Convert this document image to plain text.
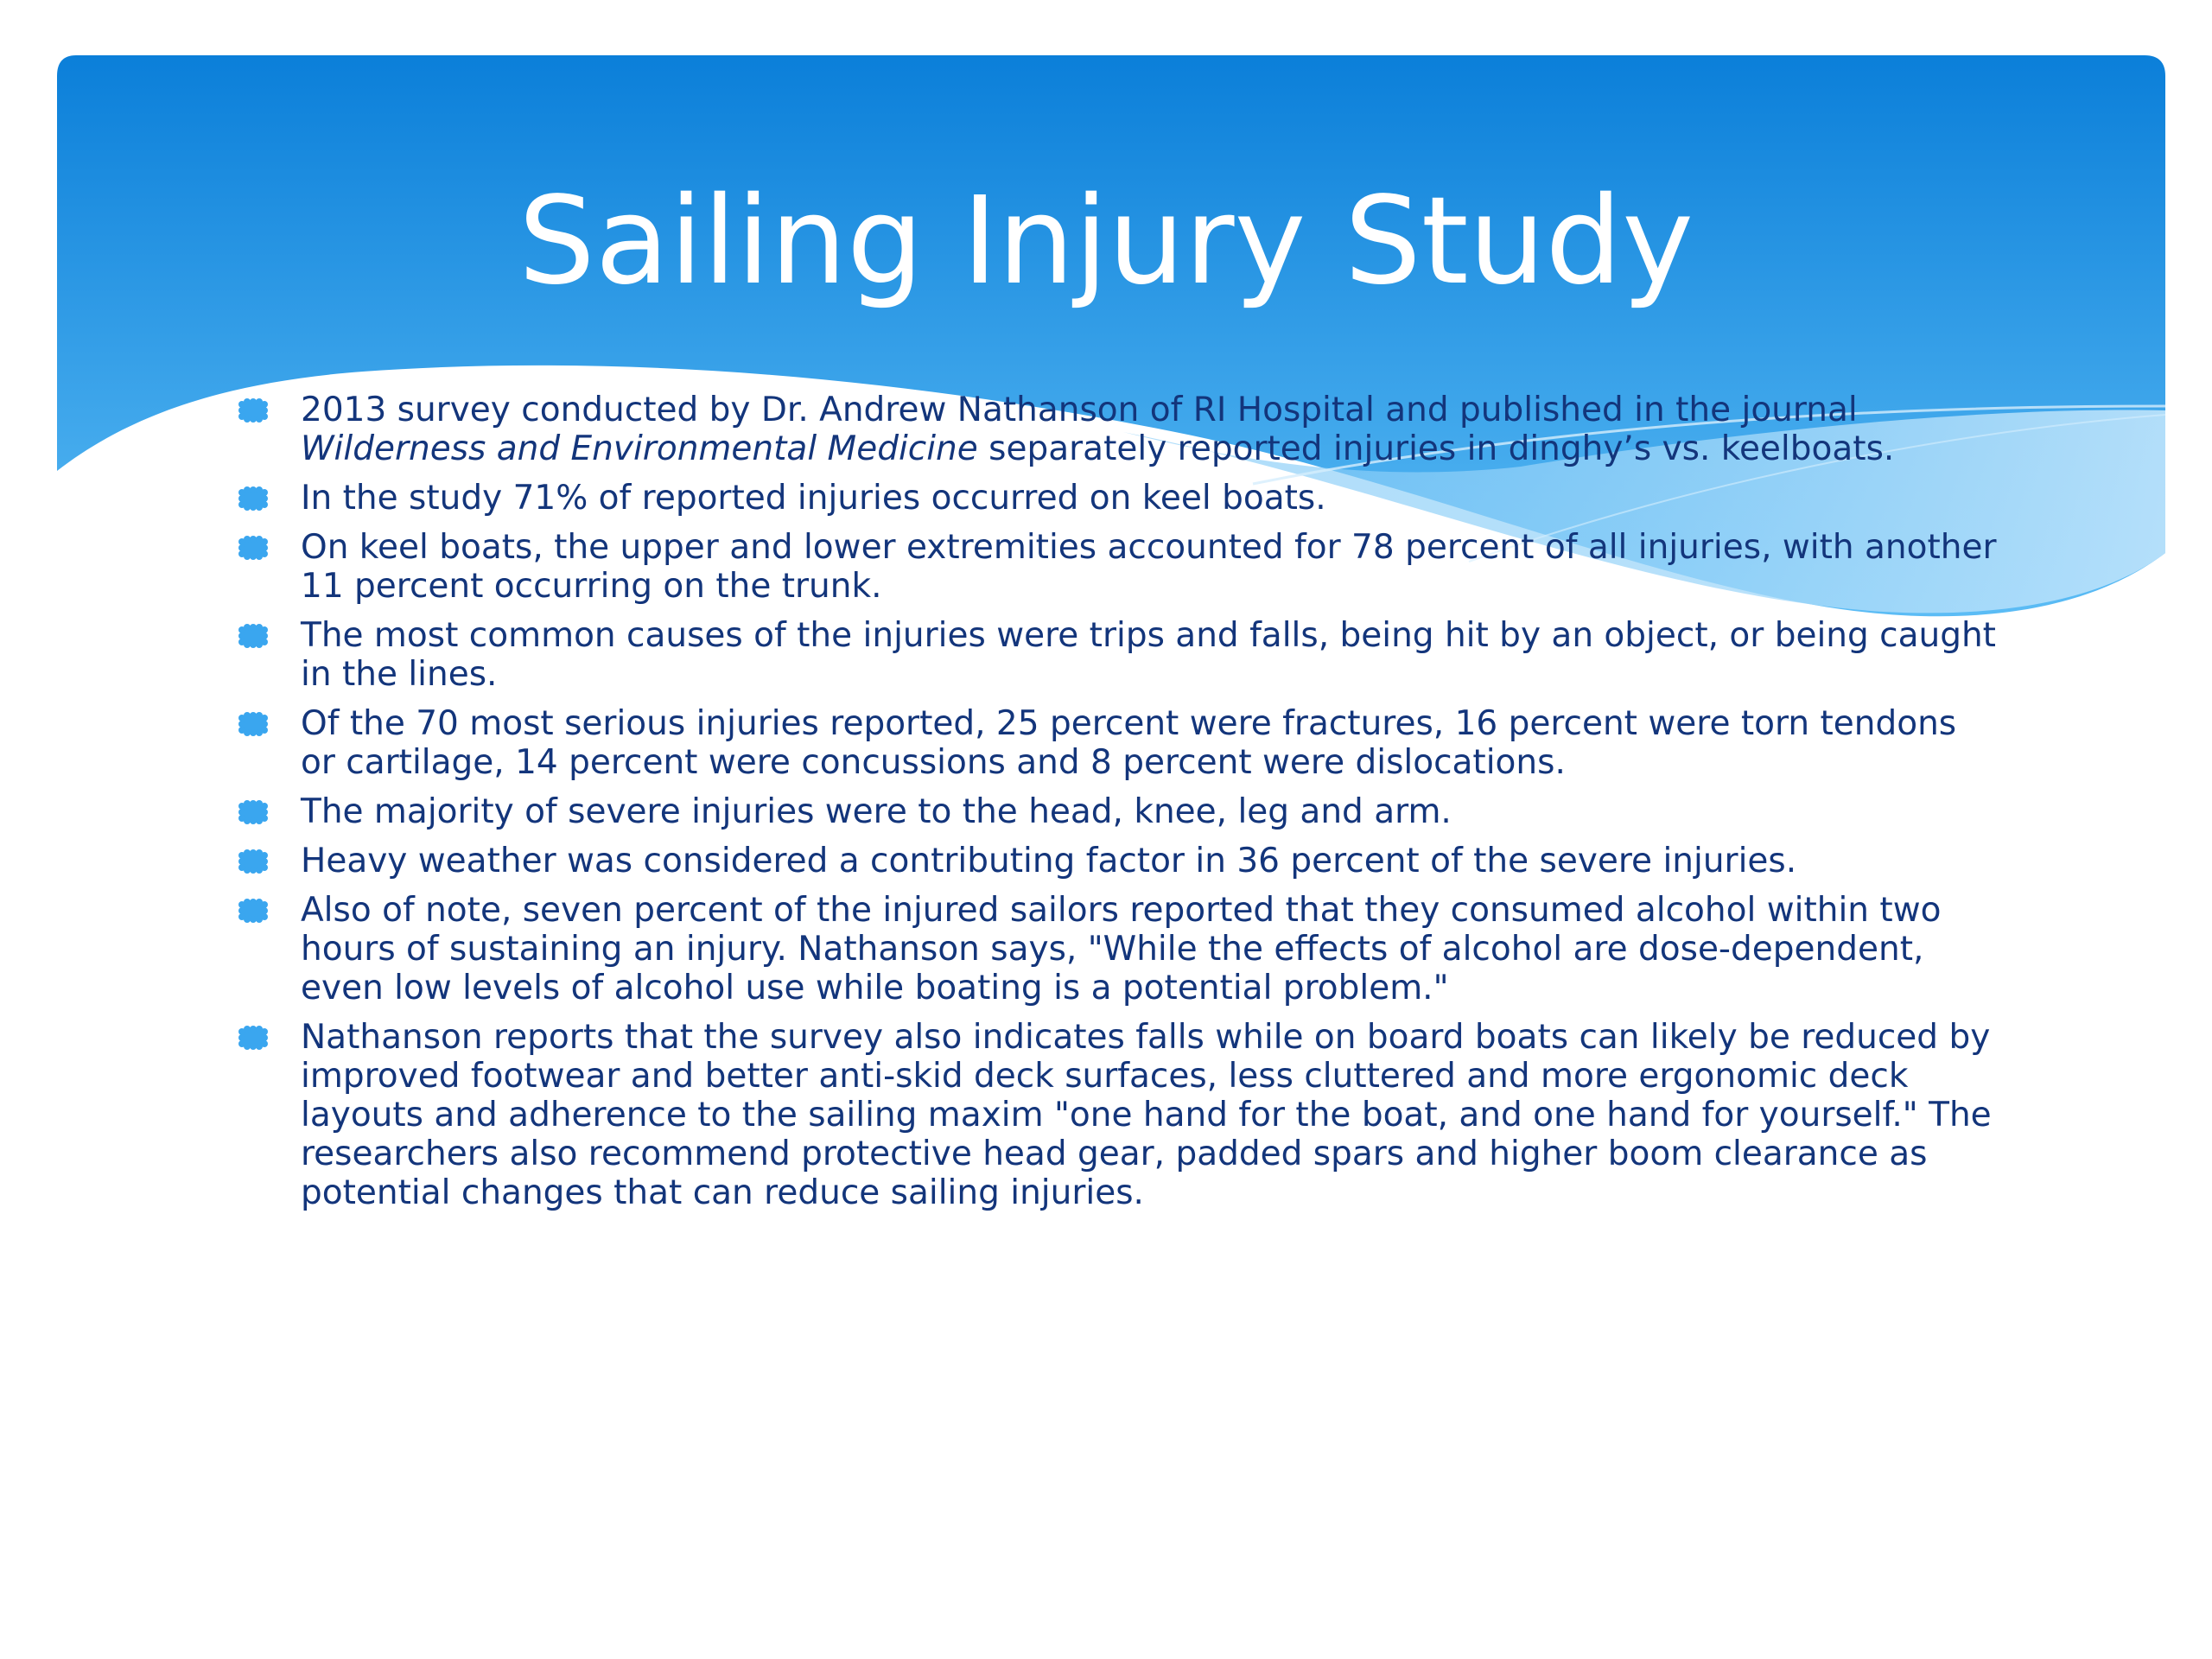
Sailing Injury Study
2013 survey conducted by Dr. Andrew Nathanson of RI Hospital and published in the journal Wilderness and Environmental Medicine separately reported injuries in dinghy’s vs. keelboats.
In the study 71% of reported injuries occurred on keel boats.
On keel boats, the upper and lower extremities accounted for 78 percent of all injuries, with another 11 percent occurring on the trunk.
The most common causes of the injuries were trips and falls, being hit by an object, or being caught in the lines.
Of the 70 most serious injuries reported, 25 percent were fractures, 16 percent were torn tendons or cartilage, 14 percent were concussions and 8 percent were dislocations.
The majority of severe injuries were to the head, knee, leg and arm.
Heavy weather was considered a contributing factor in 36 percent of the severe injuries.
Also of note, seven percent of the injured sailors reported that they consumed alcohol within two hours of sustaining an injury. Nathanson says, "While the effects of alcohol are dose-dependent, even low levels of alcohol use while boating is a potential problem."
Nathanson reports that the survey also indicates falls while on board boats can likely be reduced by improved footwear and better anti-skid deck surfaces, less cluttered and more ergonomic deck layouts and adherence to the sailing maxim "one hand for the boat, and one hand for yourself." The researchers also recommend protective head gear, padded spars and higher boom clearance as potential changes that can reduce sailing injuries.
